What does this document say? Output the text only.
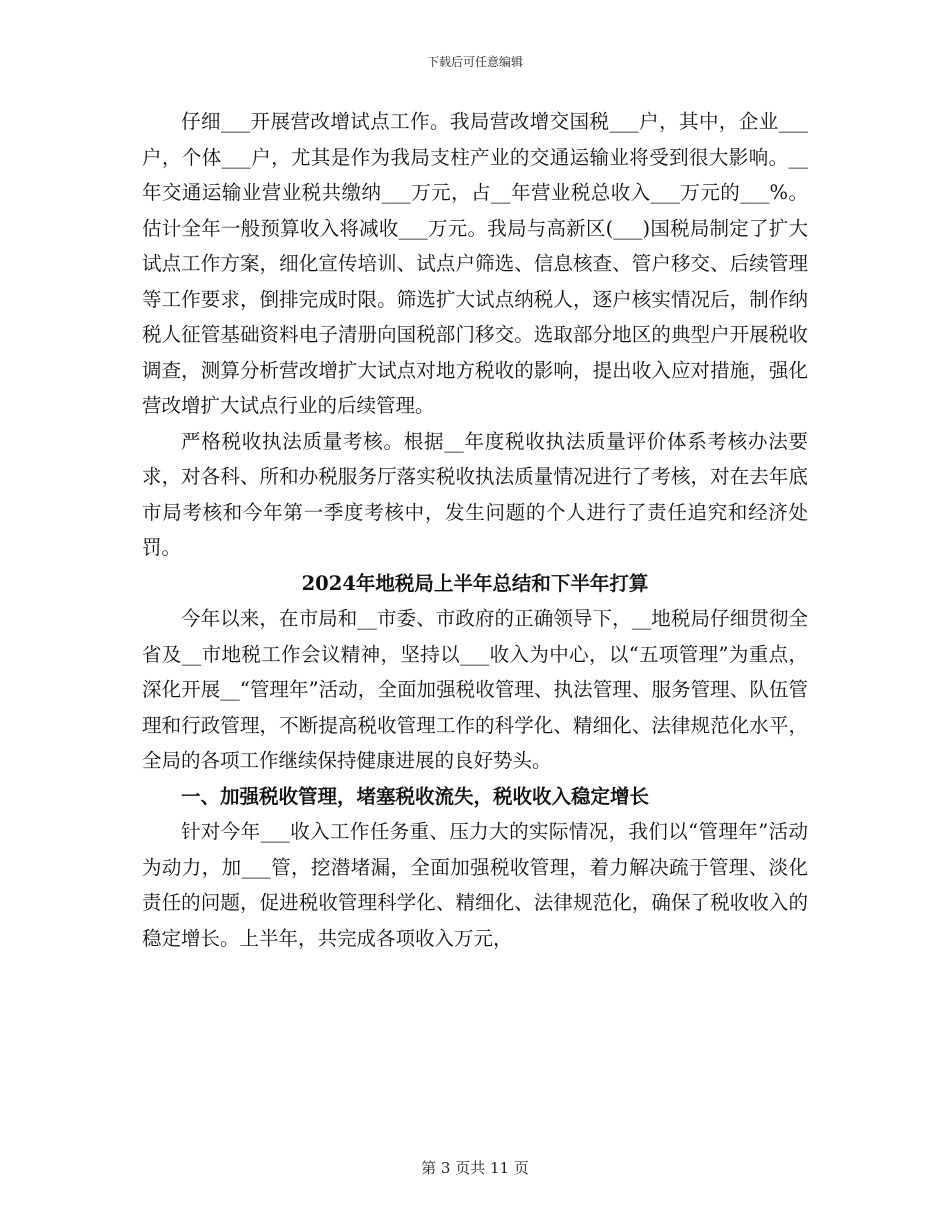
下载后可任意编辑

仔细___开展营改增试点工作。我局营改增交国税___户，其中，企业___户，个体___户，尤其是作为我局支柱产业的交通运输业将受到很大影响。__年交通运输业营业税共缴纳___万元，占__年营业税总收入___万元的___%。估计全年一般预算收入将减收___万元。我局与高新区(___)国税局制定了扩大试点工作方案，细化宣传培训、试点户筛选、信息核查、管户移交、后续管理等工作要求，倒排完成时限。筛选扩大试点纳税人，逐户核实情况后，制作纳税人征管基础资料电子清册向国税部门移交。选取部分地区的典型户开展税收调查，测算分析营改增扩大试点对地方税收的影响，提出收入应对措施，强化营改增扩大试点行业的后续管理。

严格税收执法质量考核。根据__年度税收执法质量评价体系考核办法要求，对各科、所和办税服务厅落实税收执法质量情况进行了考核，对在去年底市局考核和今年第一季度考核中，发生问题的个人进行了责任追究和经济处罚。

2024年地税局上半年总结和下半年打算

今年以来，在市局和__市委、市政府的正确领导下，__地税局仔细贯彻全省及__市地税工作会议精神，坚持以___收入为中心，以“五项管理”为重点，深化开展__“管理年”活动，全面加强税收管理、执法管理、服务管理、队伍管理和行政管理，不断提高税收管理工作的科学化、精细化、法律规范化水平，全局的各项工作继续保持健康进展的良好势头。

一、加强税收管理，堵塞税收流失，税收收入稳定增长

针对今年___收入工作任务重、压力大的实际情况，我们以“管理年”活动为动力，加___管，挖潜堵漏，全面加强税收管理，着力解决疏于管理、淡化责任的问题，促进税收管理科学化、精细化、法律规范化，确保了税收收入的稳定增长。上半年，共完成各项收入万元，

第 3 页共 11 页
